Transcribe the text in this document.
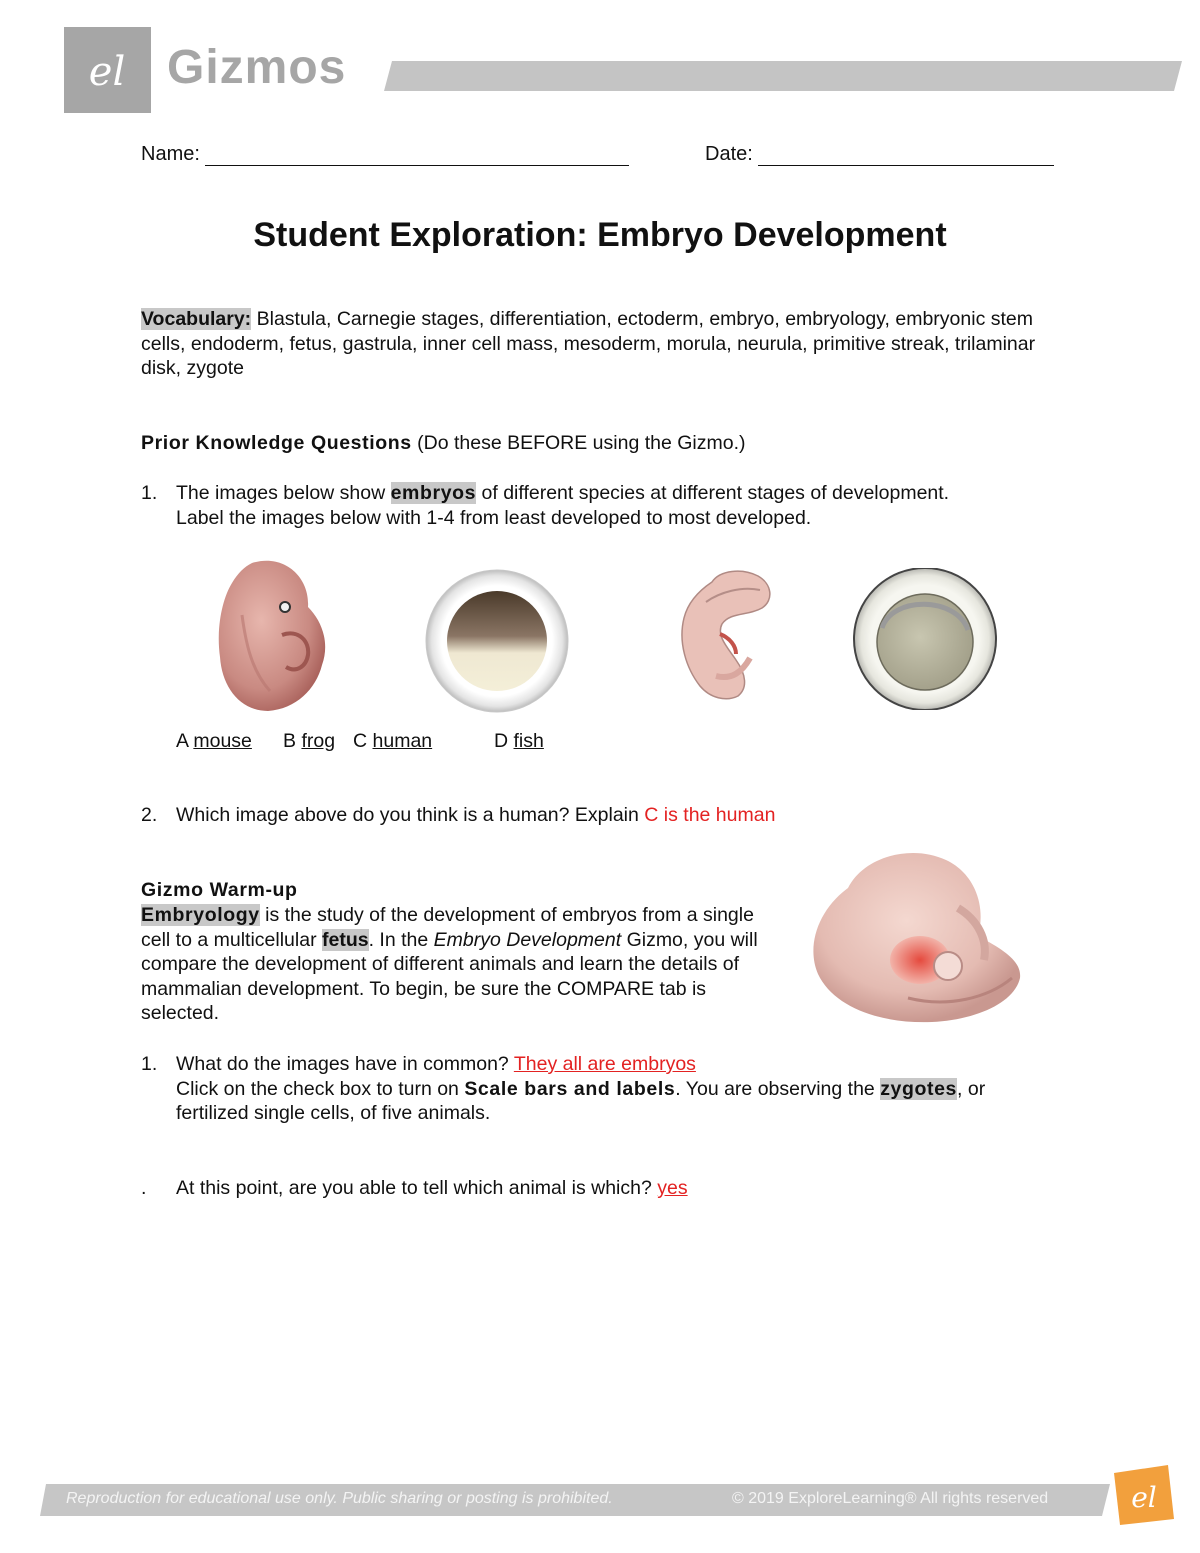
el Gizmos
Name:	Date:
Student Exploration: Embryo Development
Vocabulary: Blastula, Carnegie stages, differentiation, ectoderm, embryo, embryology, embryonic stem cells, endoderm, fetus, gastrula, inner cell mass, mesoderm, morula, neurula, primitive streak, trilaminar disk, zygote
Prior Knowledge Questions (Do these BEFORE using the Gizmo.)
1. The images below show embryos of different species at different stages of development.
Label the images below with 1-4 from least developed to most developed.
A mouse B frog C human	D fish
2. Which image above do you think is a human? Explain C is the human
Gizmo Warm-up
Embryology is the study of the development of embryos from a single cell to a multicellular fetus. In the Embryo Development Gizmo, you will compare the development of different animals and learn the details of mammalian development. To begin, be sure the COMPARE tab is selected.
1. What do the images have in common? They all are embryos
Click on the check box to turn on Scale bars and labels. You are observing the zygotes, or
fertilized single cells, of five animals.
. At this point, are you able to tell which animal is which? yes
Reproduction for educational use only. Public sharing or posting is prohibited.	© 2019 ExploreLearning® All rights reserved	el
